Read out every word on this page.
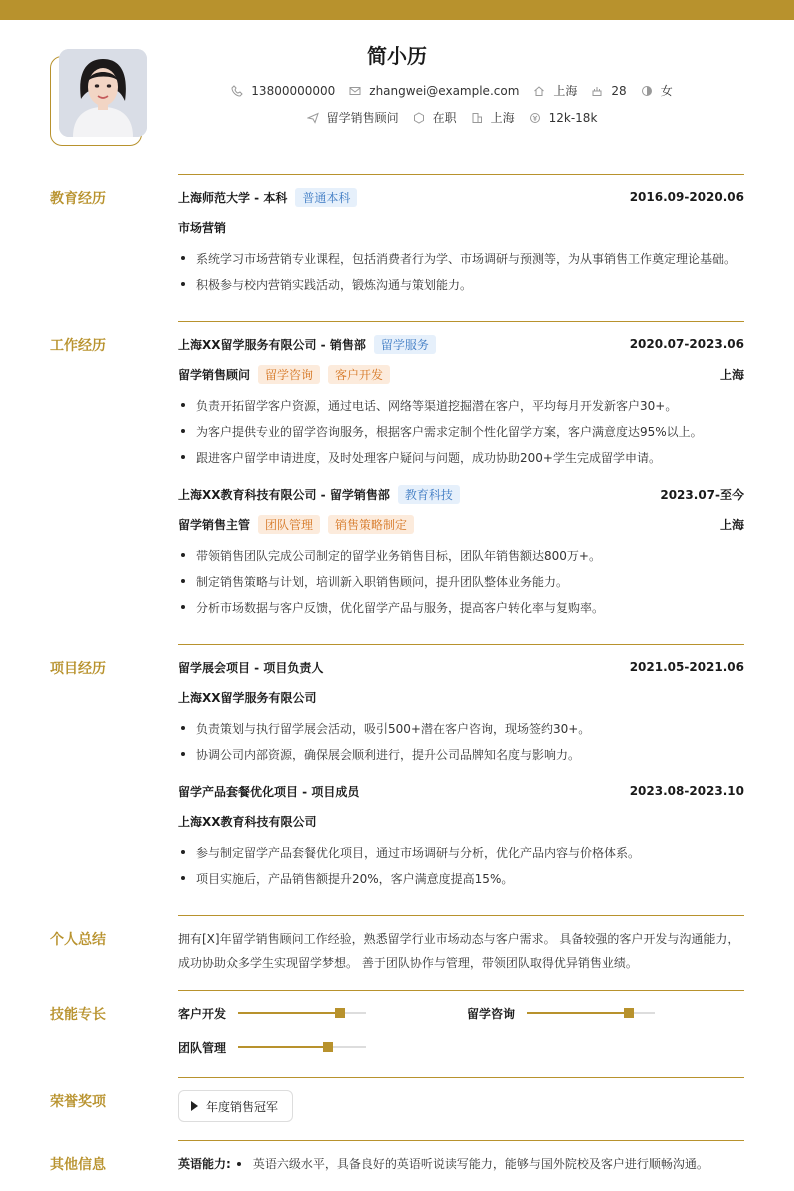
简小历
13800000000	zhangwei@example.com	上海	28	女
留学销售顾问	在职	上海	12k-18k
教育经历	上海师范大学 - 本科	普通本科	2016.09-2020.06
市场营销
系统学习市场营销专业课程，包括消费者行为学、市场调研与预测等，为从事销售工作奠定理论基础。
积极参与校内营销实践活动，锻炼沟通与策划能力。
工作经历	上海XX留学服务有限公司 - 销售部	留学服务	2020.07-2023.06
留学销售顾问	留学咨询	客户开发	上海
负责开拓留学客户资源，通过电话、网络等渠道挖掘潜在客户，平均每月开发新客户30+。
为客户提供专业的留学咨询服务，根据客户需求定制个性化留学方案，客户满意度达95%以上。
跟进客户留学申请进度，及时处理客户疑问与问题，成功协助200+学生完成留学申请。
上海XX教育科技有限公司 - 留学销售部	教育科技	2023.07-至今
留学销售主管	团队管理	销售策略制定	上海
带领销售团队完成公司制定的留学业务销售目标，团队年销售额达800万+。
制定销售策略与计划，培训新入职销售顾问，提升团队整体业务能力。
分析市场数据与客户反馈，优化留学产品与服务，提高客户转化率与复购率。
项目经历	留学展会项目 - 项目负责人	2021.05-2021.06
上海XX留学服务有限公司
负责策划与执行留学展会活动，吸引500+潜在客户咨询，现场签约30+。
协调公司内部资源，确保展会顺利进行，提升公司品牌知名度与影响力。
留学产品套餐优化项目 - 项目成员	2023.08-2023.10
上海XX教育科技有限公司
参与制定留学产品套餐优化项目，通过市场调研与分析，优化产品内容与价格体系。
项目实施后，产品销售额提升20%，客户满意度提高15%。
个人总结	拥有[X]年留学销售顾问工作经验，熟悉留学行业市场动态与客户需求。 具备较强的客户开发与沟通能力，
成功协助众多学生实现留学梦想。 善于团队协作与管理，带领团队取得优异销售业绩。
技能专长	客户开发	留学咨询
团队管理
荣誉奖项	年度销售冠军
其他信息	英语能力: 英语六级水平，具备良好的英语听说读写能力，能够与国外院校及客户进行顺畅沟通。
